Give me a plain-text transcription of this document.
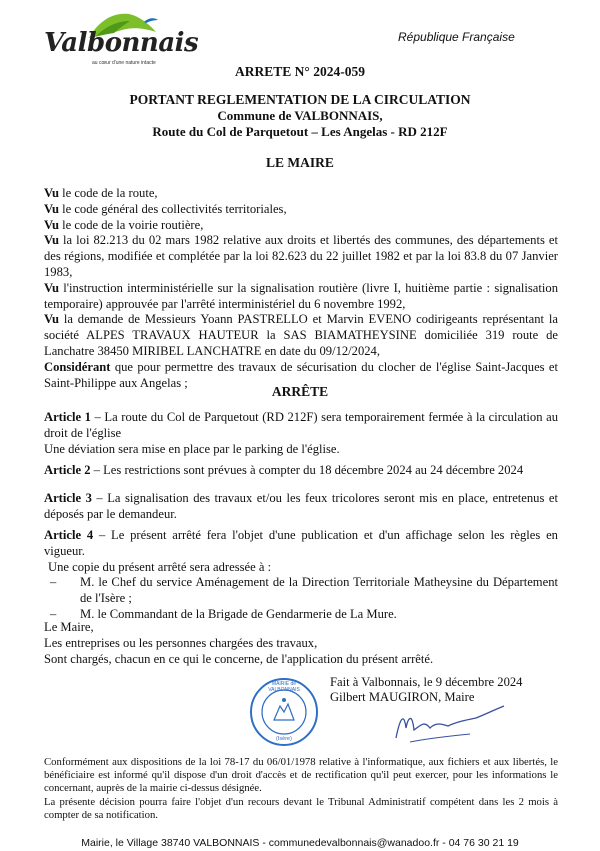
Valbonnais
au cœur d'une nature intacte
République Française
ARRETE N° 2024-059
PORTANT REGLEMENTATION DE LA CIRCULATION
Commune de VALBONNAIS,
Route du Col de Parquetout – Les Angelas - RD 212F
LE MAIRE

Vu le code de la route,

Vu le code général des collectivités territoriales,

Vu le code de la voirie routière,

Vu la loi 82.213 du 02 mars 1982 relative aux droits et libertés des communes, des départements et des régions, modifiée et complétée par la loi 82.623 du 22 juillet 1982 et par la loi 83.8 du 07 Janvier 1983,

Vu l'instruction interministérielle sur la signalisation routière (livre I, huitième partie : signalisation temporaire) approuvée par l'arrêté interministériel du 6 novembre 1992,

Vu la demande de Messieurs Yoann PASTRELLO et Marvin EVENO codirigeants représentant la société ALPES TRAVAUX HAUTEUR la SAS BIAMATHEYSINE domiciliée 319 route de Lanchatre 38450 MIRIBEL LANCHATRE en date du 09/12/2024,

Considérant que pour permettre des travaux de sécurisation du clocher de l'église Saint-Jacques et Saint-Philippe aux Angelas ;

ARRÊTE

Article 1 – La route du Col de Parquetout (RD 212F) sera temporairement fermée à la circulation au droit de l'église

Une déviation sera mise en place par le parking de l'église.

Article 2 – Les restrictions sont prévues à compter du 18 décembre 2024 au 24 décembre 2024

Article 3 – La signalisation des travaux et/ou les feux tricolores seront mis en place, entretenus et déposés par le demandeur.

Article 4 – Le présent arrêté fera l'objet d'une publication et d'un affichage selon les règles en vigueur.

Une copie du présent arrêté sera adressée à :

– M. le Chef du service Aménagement de la Direction Territoriale Matheysine du Département de l'Isère ;
– M. le Commandant de la Brigade de Gendarmerie de La Mure.

Le Maire,

Les entreprises ou les personnes chargées des travaux,

Sont chargés, chacun en ce qui le concerne, de l'application du présent arrêté.

Fait à Valbonnais, le 9 décembre 2024
Gilbert MAUGIRON, Maire
MAIRIE de VALBONNAIS
(Isère)

Conformément aux dispositions de la loi 78-17 du 06/01/1978 relative à l'informatique, aux fichiers et aux libertés, le bénéficiaire est informé qu'il dispose d'un droit d'accès et de rectification qu'il peut exercer, pour les informations le concernant, auprès de la mairie ci-dessus désignée.

La présente décision pourra faire l'objet d'un recours devant le Tribunal Administratif compétent dans les 2 mois à compter de sa notification.

Mairie, le Village 38740 VALBONNAIS - communedevalbonnais@wanadoo.fr - 04 76 30 21 19
